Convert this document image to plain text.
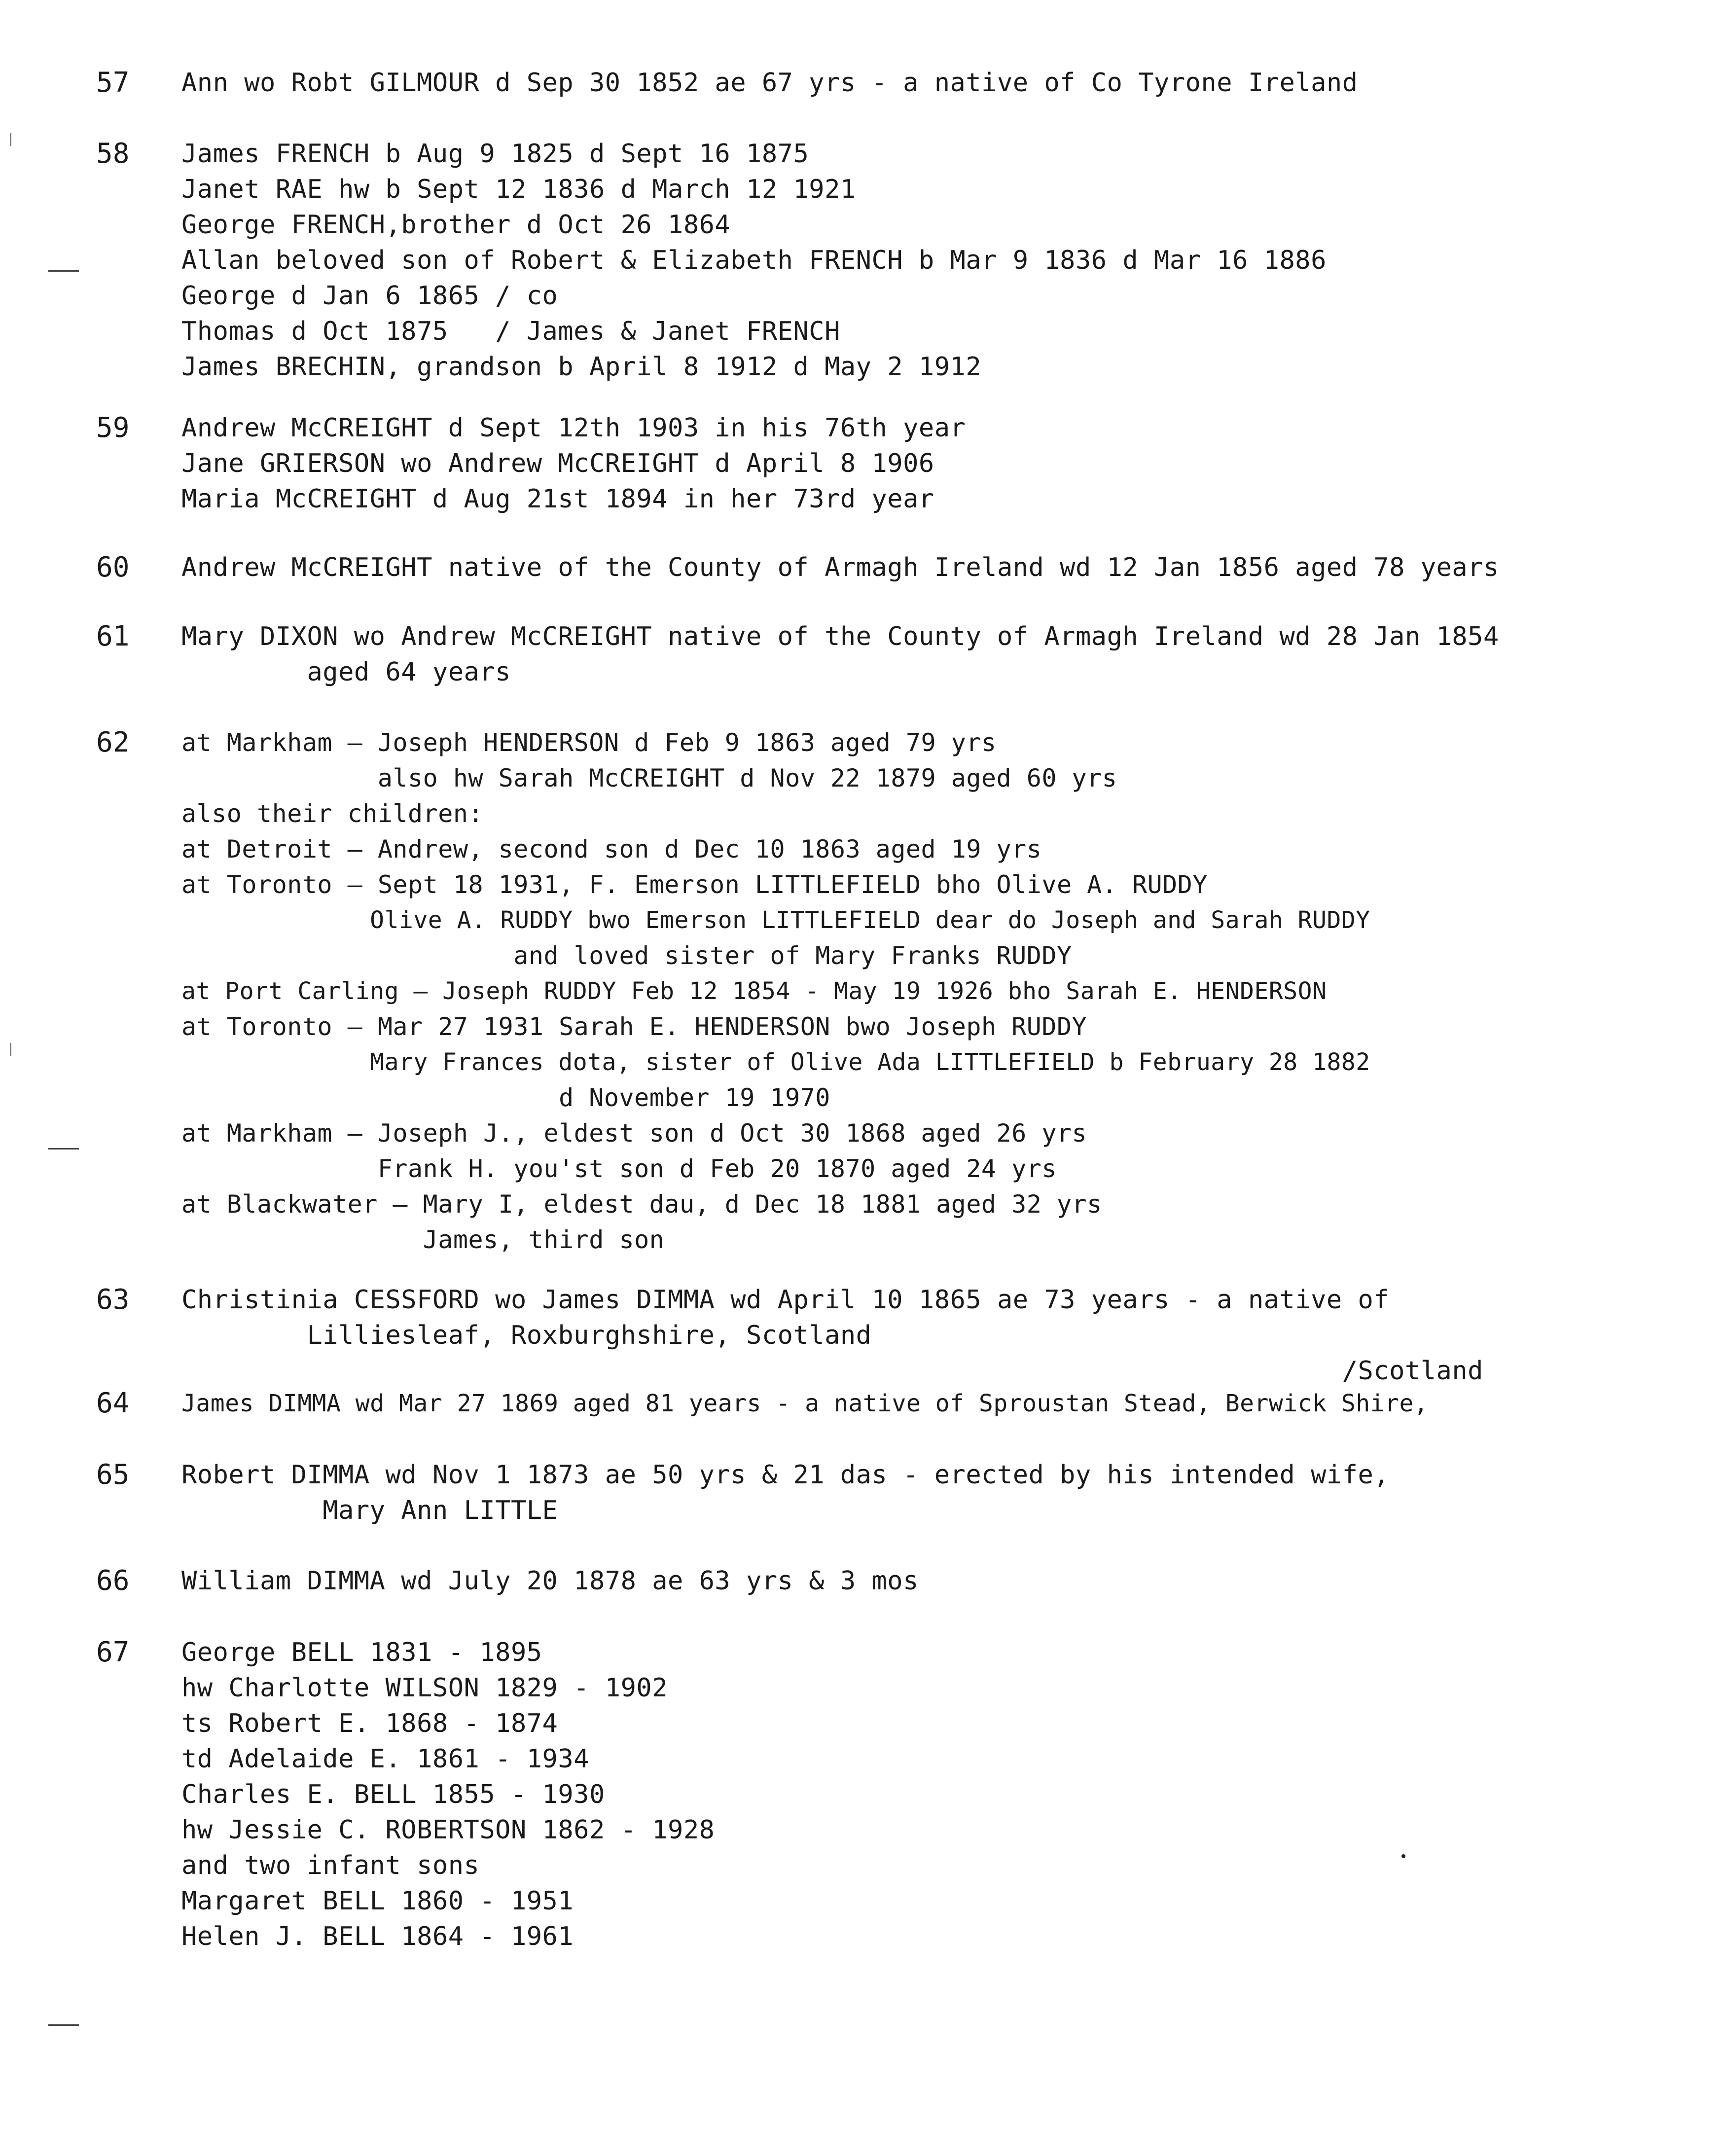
57 Ann wo Robt GILMOUR d Sep 30 1852 ae 67 yrs - a native of Co Tyrone Ireland
58 James FRENCH b Aug 9 1825 d Sept 16 1875
Janet RAE hw b Sept 12 1836 d March 12 1921
George FRENCH,brother d Oct 26 1864
Allan beloved son of Robert & Elizabeth FRENCH b Mar 9 1836 d Mar 16 1886
George d Jan 6 1865 / co
Thomas d Oct 1875   / James & Janet FRENCH
James BRECHIN, grandson b April 8 1912 d May 2 1912
59 Andrew McCREIGHT d Sept 12th 1903 in his 76th year
Jane GRIERSON wo Andrew McCREIGHT d April 8 1906
Maria McCREIGHT d Aug 21st 1894 in her 73rd year
60 Andrew McCREIGHT native of the County of Armagh Ireland wd 12 Jan 1856 aged 78 years
61 Mary DIXON wo Andrew McCREIGHT native of the County of Armagh Ireland wd 28 Jan 1854
aged 64 years
62 at Markham — Joseph HENDERSON d Feb 9 1863 aged 79 yrs
also hw Sarah McCREIGHT d Nov 22 1879 aged 60 yrs
also their children:
at Detroit — Andrew, second son d Dec 10 1863 aged 19 yrs
at Toronto — Sept 18 1931, F. Emerson LITTLEFIELD bho Olive A. RUDDY
Olive A. RUDDY bwo Emerson LITTLEFIELD dear do Joseph and Sarah RUDDY
and loved sister of Mary Franks RUDDY
at Port Carling — Joseph RUDDY Feb 12 1854 - May 19 1926 bho Sarah E. HENDERSON
at Toronto — Mar 27 1931 Sarah E. HENDERSON bwo Joseph RUDDY
Mary Frances dota, sister of Olive Ada LITTLEFIELD b February 28 1882
d November 19 1970
at Markham — Joseph J., eldest son d Oct 30 1868 aged 26 yrs
Frank H. you'st son d Feb 20 1870 aged 24 yrs
at Blackwater — Mary I, eldest dau, d Dec 18 1881 aged 32 yrs
James, third son
63 Christinia CESSFORD wo James DIMMA wd April 10 1865 ae 73 years - a native of
Lilliesleaf, Roxburghshire, Scotland
/Scotland
64 James DIMMA wd Mar 27 1869 aged 81 years - a native of Sproustan Stead, Berwick Shire,
65 Robert DIMMA wd Nov 1 1873 ae 50 yrs & 21 das - erected by his intended wife,
Mary Ann LITTLE
66 William DIMMA wd July 20 1878 ae 63 yrs & 3 mos
67 George BELL 1831 - 1895
hw Charlotte WILSON 1829 - 1902
ts Robert E. 1868 - 1874
td Adelaide E. 1861 - 1934
Charles E. BELL 1855 - 1930
hw Jessie C. ROBERTSON 1862 - 1928
and two infant sons
Margaret BELL 1860 - 1951
Helen J. BELL 1864 - 1961
